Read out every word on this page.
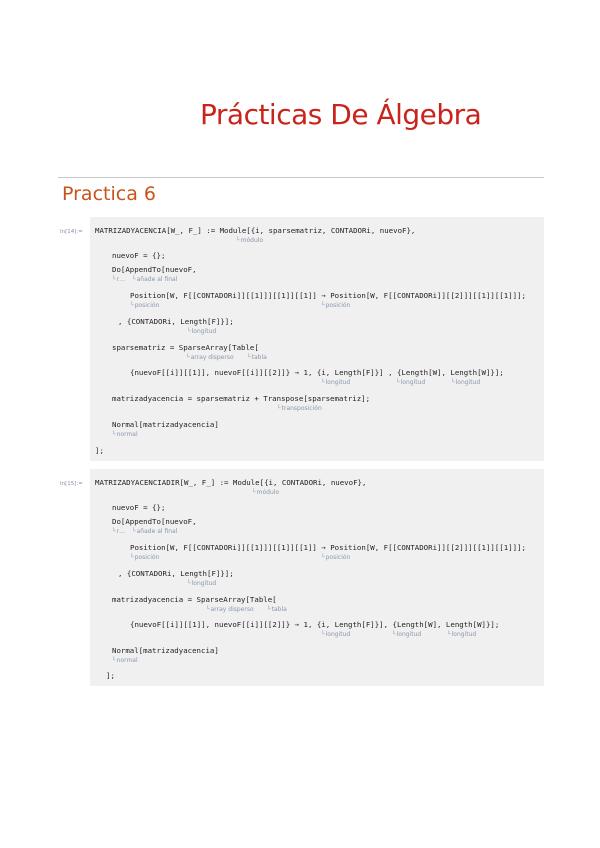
Prácticas De Álgebra
Practica 6
In[14]:= MATRIZADYACENCIA[W_, F_] := Module[{i, sparsematriz, CONTADORi, nuevoF},
└ módulo
nuevoF = {};
Do[AppendTo[nuevoF,
└ r…	└ añade al final
Position[W, F[[CONTADORi]][[1]]][[1]][[1]] → Position[W, F[[CONTADORi]][[2]]][[1]][[1]]];
└ posición	└ posición
, {CONTADORi, Length[F]}];
└ longitud
sparsematriz = SparseArray[Table[
└ array disperso	└ tabla
{nuevoF[[i]][[1]], nuevoF[[i]][[2]]} → 1, {i, Length[F]}] , {Length[W], Length[W]}];
└ longitud	└ longitud	└ longitud
matrizadyacencia = sparsematriz + Transpose[sparsematriz];
└ transposición
Normal[matrizadyacencia]
└ normal
];
In[15]:= MATRIZADYACENCIADIR[W_, F_] := Module[{i, CONTADORi, nuevoF},
└ módulo
nuevoF = {};
Do[AppendTo[nuevoF,
└ r…	└ añade al final
Position[W, F[[CONTADORi]][[1]]][[1]][[1]] → Position[W, F[[CONTADORi]][[2]]][[1]][[1]]];
└ posición	└ posición
, {CONTADORi, Length[F]}];
└ longitud
matrizadyacencia = SparseArray[Table[
└ array disperso	└ tabla
{nuevoF[[i]][[1]], nuevoF[[i]][[2]]} → 1, {i, Length[F]}], {Length[W], Length[W]}];
└ longitud	└ longitud	└ longitud
Normal[matrizadyacencia]
└ normal
];
